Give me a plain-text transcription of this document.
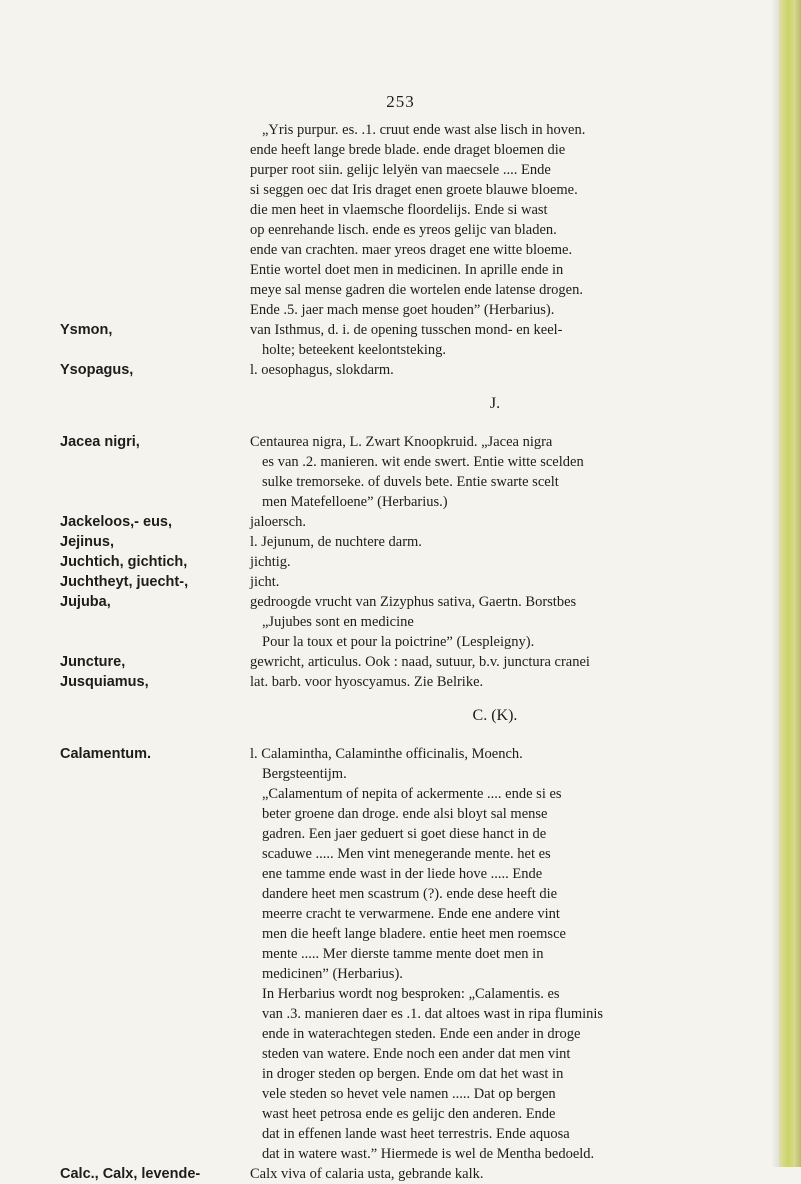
253
„Yris purpur. es. .1. cruut ende wast alse lisch in hoven.
ende heeft lange brede blade. ende draget bloemen die
purper root siin. gelijc lelyën van maecsele .... Ende
si seggen oec dat Iris draget enen groete blauwe bloeme.
die men heet in vlaemsche floordelijs. Ende si wast
op eenrehande lisch. ende es yreos gelijc van bladen.
ende van crachten. maer yreos draget ene witte bloeme.
Entie wortel doet men in medicinen. In aprille ende in
meye sal mense gadren die wortelen ende latense drogen.
Ende .5. jaer mach mense goet houden” (Herbarius).
Ysmon,	van Isthmus, d. i. de opening tusschen mond- en keel-
holte; beteekent keelontsteking.
Ysopagus,	l. oesophagus, slokdarm.
J.
Jacea nigri,	Centaurea nigra, L. Zwart Knoopkruid. „Jacea nigra
es van .2. manieren. wit ende swert. Entie witte scelden
sulke tremorseke. of duvels bete. Entie swarte scelt
men Matefelloene” (Herbarius.)
Jackeloos,- eus,	jaloersch.
Jejinus,	l. Jejunum, de nuchtere darm.
Juchtich, gichtich,	jichtig.
Juchtheyt, juecht-,	jicht.
Jujuba,	gedroogde vrucht van Zizyphus sativa, Gaertn. Borstbes
„Jujubes sont en medicine
Pour la toux et pour la poictrine” (Lespleigny).
Juncture,	gewricht, articulus. Ook : naad, sutuur, b.v. junctura cranei
Jusquiamus,	lat. barb. voor hyoscyamus. Zie Belrike.
C. (K).
Calamentum.	l. Calamintha, Calaminthe officinalis, Moench.
Bergsteentijm.
„Calamentum of nepita of ackermente .... ende si es
beter groene dan droge. ende alsi bloyt sal mense
gadren. Een jaer geduert si goet diese hanct in de
scaduwe ..... Men vint menegerande mente. het es
ene tamme ende wast in der liede hove ..... Ende
dandere heet men scastrum (?). ende dese heeft die
meerre cracht te verwarmene. Ende ene andere vint
men die heeft lange bladere. entie heet men roemsce
mente ..... Mer dierste tamme mente doet men in
medicinen” (Herbarius).
In Herbarius wordt nog besproken: „Calamentis. es
van .3. manieren daer es .1. dat altoes wast in ripa fluminis
ende in waterachtegen steden. Ende een ander in droge
steden van watere. Ende noch een ander dat men vint
in droger steden op bergen. Ende om dat het wast in
vele steden so hevet vele namen ..... Dat op bergen
wast heet petrosa ende es gelijc den anderen. Ende
dat in effenen lande wast heet terrestris. Ende aquosa
dat in watere wast.” Hiermede is wel de Mentha bedoeld.
Calc., Calx, levende-	Calx viva of calaria usta, gebrande kalk.
